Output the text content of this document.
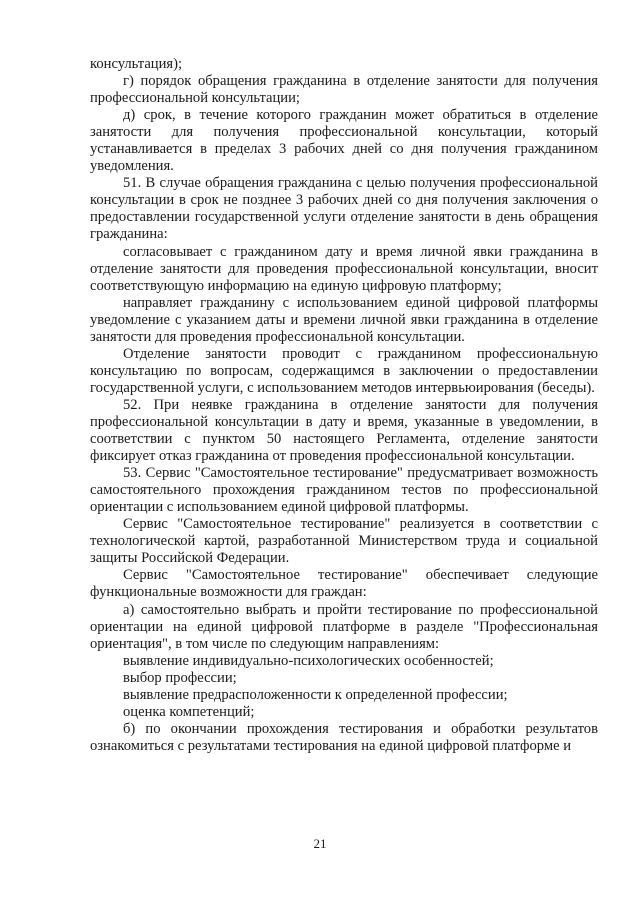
консультация);

г) порядок обращения гражданина в отделение занятости для получения профессиональной консультации;

д) срок, в течение которого гражданин может обратиться в отделение занятости для получения профессиональной консультации, который устанавливается в пределах 3 рабочих дней со дня получения гражданином уведомления.

51. В случае обращения гражданина с целью получения профессиональной консультации в срок не позднее 3 рабочих дней со дня получения заключения о предоставлении государственной услуги отделение занятости в день обращения гражданина:

согласовывает с гражданином дату и время личной явки гражданина в отделение занятости для проведения профессиональной консультации, вносит соответствующую информацию на единую цифровую платформу;

направляет гражданину с использованием единой цифровой платформы уведомление с указанием даты и времени личной явки гражданина в отделение занятости для проведения профессиональной консультации.

Отделение занятости проводит с гражданином профессиональную консультацию по вопросам, содержащимся в заключении о предоставлении государственной услуги, с использованием методов интервьюирования (беседы).

52. При неявке гражданина в отделение занятости для получения профессиональной консультации в дату и время, указанные в уведомлении, в соответствии с пунктом 50 настоящего Регламента, отделение занятости фиксирует отказ гражданина от проведения профессиональной консультации.

53. Сервис "Самостоятельное тестирование" предусматривает возможность самостоятельного прохождения гражданином тестов по профессиональной ориентации с использованием единой цифровой платформы.

Сервис "Самостоятельное тестирование" реализуется в соответствии с технологической картой, разработанной Министерством труда и социальной защиты Российской Федерации.

Сервис "Самостоятельное тестирование" обеспечивает следующие функциональные возможности для граждан:

а) самостоятельно выбрать и пройти тестирование по профессиональной ориентации на единой цифровой платформе в разделе "Профессиональная ориентация", в том числе по следующим направлениям:

выявление индивидуально-психологических особенностей;

выбор профессии;

выявление предрасположенности к определенной профессии;

оценка компетенций;

б) по окончании прохождения тестирования и обработки результатов ознакомиться с результатами тестирования на единой цифровой платформе и

21
